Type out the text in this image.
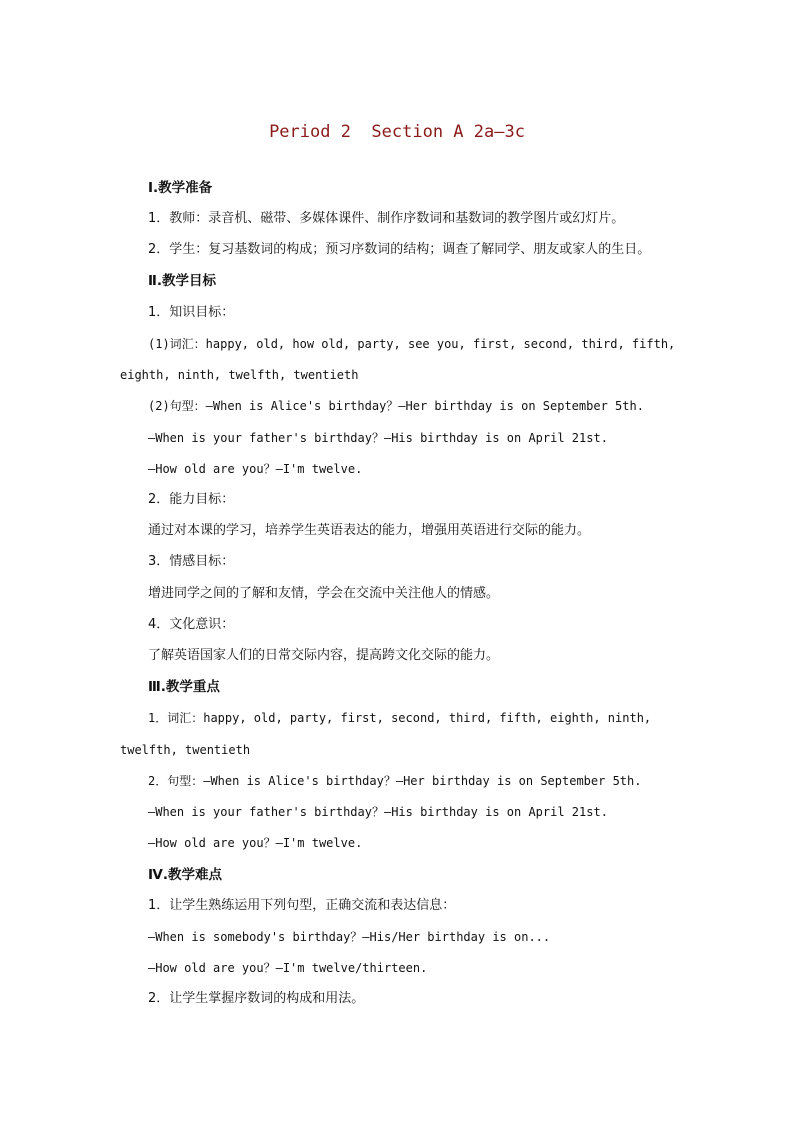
Period 2  Section A 2a—3c
Ⅰ.教学准备
1．教师：录音机、磁带、多媒体课件、制作序数词和基数词的教学图片或幻灯片。
2．学生：复习基数词的构成；预习序数词的结构；调查了解同学、朋友或家人的生日。
Ⅱ.教学目标
1．知识目标：
(1)词汇：happy, old, how old, party, see you, first, second, third, fifth,
eighth, ninth, twelfth, twentieth
(2)句型：—When is Alice's birthday？—Her birthday is on September 5th.
—When is your father's birthday？—His birthday is on April 21st.
—How old are you？—I'm twelve.
2．能力目标：
通过对本课的学习，培养学生英语表达的能力，增强用英语进行交际的能力。
3．情感目标：
增进同学之间的了解和友情，学会在交流中关注他人的情感。
4．文化意识：
了解英语国家人们的日常交际内容，提高跨文化交际的能力。
Ⅲ.教学重点
1．词汇：happy, old, party, first, second, third, fifth, eighth, ninth,
twelfth, twentieth
2．句型：—When is Alice's birthday？—Her birthday is on September 5th.
—When is your father's birthday？—His birthday is on April 21st.
—How old are you？—I'm twelve.
Ⅳ.教学难点
1．让学生熟练运用下列句型，正确交流和表达信息：
—When is somebody's birthday？—His/Her birthday is on...
—How old are you？—I'm twelve/thirteen.
2．让学生掌握序数词的构成和用法。
